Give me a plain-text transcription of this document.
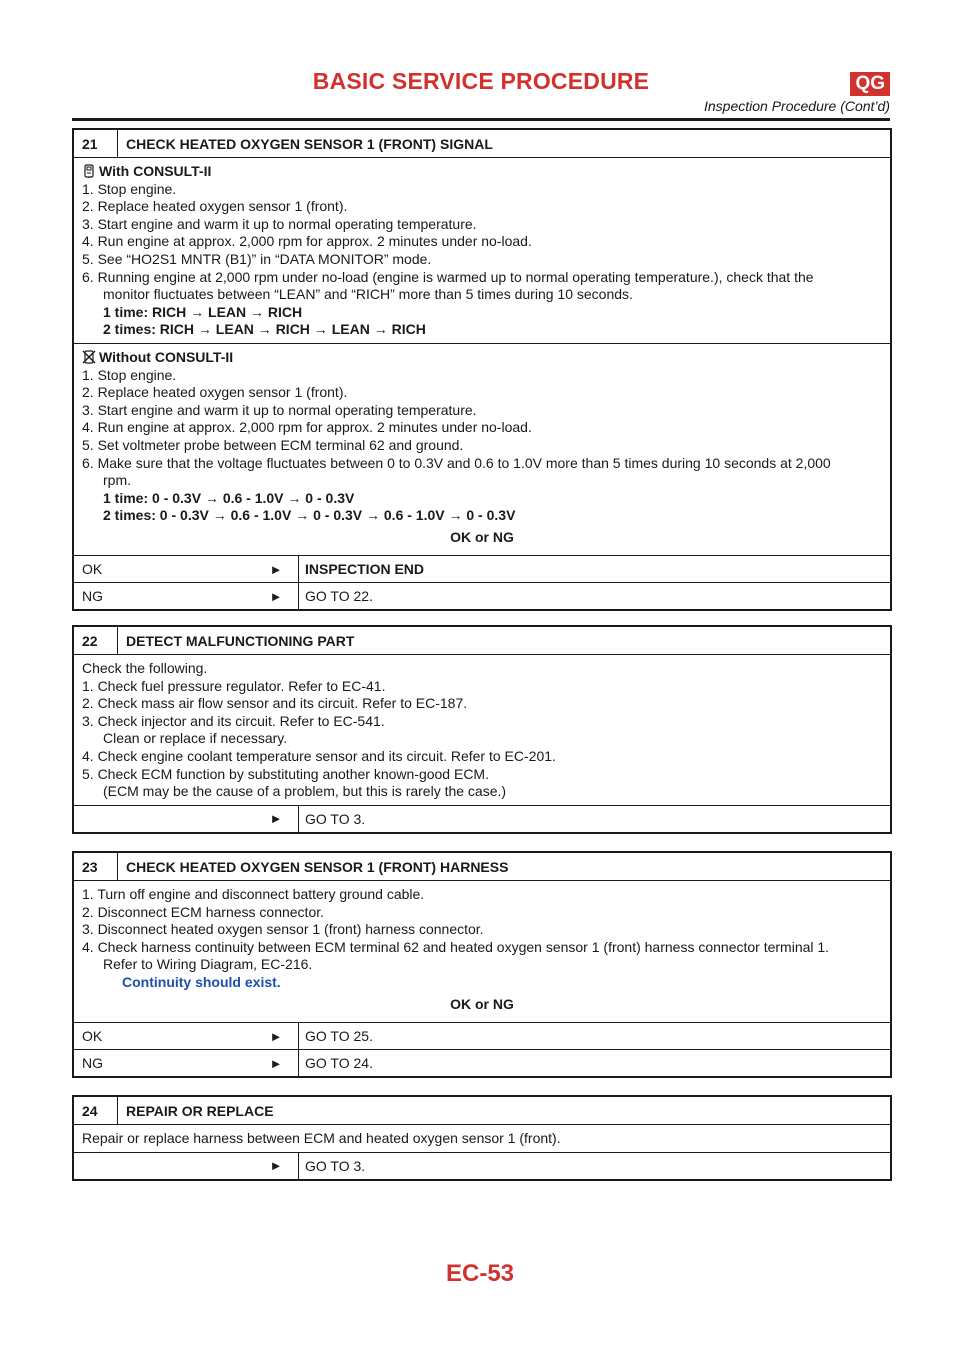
BASIC SERVICE PROCEDURE	QG
Inspection Procedure (Cont’d)
21	CHECK HEATED OXYGEN SENSOR 1 (FRONT) SIGNAL
With CONSULT-II
1. Stop engine.
2. Replace heated oxygen sensor 1 (front).
3. Start engine and warm it up to normal operating temperature.
4. Run engine at approx. 2,000 rpm for approx. 2 minutes under no-load.
5. See “HO2S1 MNTR (B1)” in “DATA MONITOR” mode.
6. Running engine at 2,000 rpm under no-load (engine is warmed up to normal operating temperature.), check that the
monitor fluctuates between “LEAN” and “RICH” more than 5 times during 10 seconds.
1 time: RICH → LEAN → RICH
2 times: RICH → LEAN → RICH → LEAN → RICH
Without CONSULT-II
1. Stop engine.
2. Replace heated oxygen sensor 1 (front).
3. Start engine and warm it up to normal operating temperature.
4. Run engine at approx. 2,000 rpm for approx. 2 minutes under no-load.
5. Set voltmeter probe between ECM terminal 62 and ground.
6. Make sure that the voltage fluctuates between 0 to 0.3V and 0.6 to 1.0V more than 5 times during 10 seconds at 2,000
rpm.
1 time: 0 - 0.3V → 0.6 - 1.0V → 0 - 0.3V
2 times: 0 - 0.3V → 0.6 - 1.0V → 0 - 0.3V → 0.6 - 1.0V → 0 - 0.3V
OK or NG
OK	►	INSPECTION END
NG	►	GO TO 22.
22	DETECT MALFUNCTIONING PART
Check the following.
1. Check fuel pressure regulator. Refer to EC-41.
2. Check mass air flow sensor and its circuit. Refer to EC-187.
3. Check injector and its circuit. Refer to EC-541.
Clean or replace if necessary.
4. Check engine coolant temperature sensor and its circuit. Refer to EC-201.
5. Check ECM function by substituting another known-good ECM.
(ECM may be the cause of a problem, but this is rarely the case.)
►	GO TO 3.
23	CHECK HEATED OXYGEN SENSOR 1 (FRONT) HARNESS
1. Turn off engine and disconnect battery ground cable.
2. Disconnect ECM harness connector.
3. Disconnect heated oxygen sensor 1 (front) harness connector.
4. Check harness continuity between ECM terminal 62 and heated oxygen sensor 1 (front) harness connector terminal 1.
Refer to Wiring Diagram, EC-216.
Continuity should exist.
OK or NG
OK	►	GO TO 25.
NG	►	GO TO 24.
24	REPAIR OR REPLACE
Repair or replace harness between ECM and heated oxygen sensor 1 (front).
►	GO TO 3.
EC-53
